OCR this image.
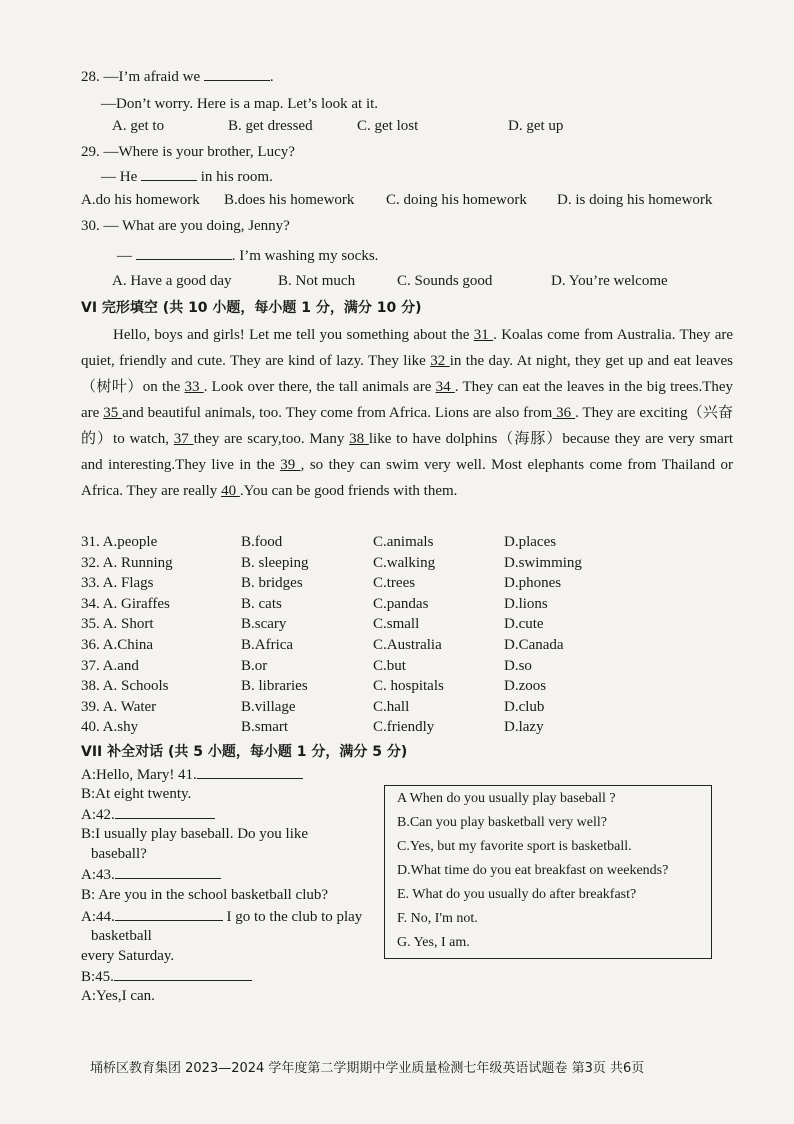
28. —I’m afraid we	.
—Don’t worry. Here is a map. Let’s look at it.
A. get to	B. get dressed	C. get lost	D. get up
29. —Where is your brother, Lucy?
— He	in his room.
A.do his homework B.does his homework C. doing his homework D. is doing his homework
30. — What are you doing, Jenny?
—	. I’m washing my socks.
A. Have a good day	B. Not much	C. Sounds good	D. You’re welcome
VI 完形填空 (共 10 小题，每小题 1 分，满分 10 分)
Hello, boys and girls! Let me tell you something about the 31 . Koalas come from Australia. They are quiet, friendly and cute. They are kind of lazy. They like 32 in the day. At night, they get up and eat leaves（树叶）on the 33 . Look over there, the tall animals are 34 . They can eat the leaves in the big trees.They are 35 and beautiful animals, too. They come from Africa. Lions are also from 36 . They are exciting（兴奋的）to watch, 37 they are scary,too. Many 38 like to have dolphins（海豚）because they are very smart and interesting.They live in the 39 , so they can swim very well. Most elephants come from Thailand or Africa. They are really 40 .You can be good friends with them.
31. A.people	B.food	C.animals	D.places
32. A. Running	B. sleeping	C.walking	D.swimming
33. A. Flags	B. bridges	C.trees	D.phones
34. A. Giraffes	B. cats	C.pandas	D.lions
35. A. Short	B.scary	C.small	D.cute
36. A.China	B.Africa	C.Australia	D.Canada
37. A.and	B.or	C.but	D.so
38. A. Schools	B. libraries	C. hospitals	D.zoos
39. A. Water	B.village	C.hall	D.club
40. A.shy	B.smart	C.friendly	D.lazy
VII 补全对话 (共 5 小题，每小题 1 分，满分 5 分)
A:Hello, Mary! 41.
B:At eight twenty.
A:42.
B:I usually play baseball. Do you like
baseball?
A:43.
B: Are you in the school basketball club?
A:44.	I go to the club to play
basketball
every Saturday.
B:45.
A:Yes,I can.
A When do you usually play baseball ?
B.Can you play basketball very well?
C.Yes, but my favorite sport is basketball.
D.What time do you eat breakfast on weekends?
E. What do you usually do after breakfast?
F. No, I'm not.
G. Yes, I am.
埇桥区教育集团 2023—2024 学年度第二学期期中学业质量检测七年级英语试题卷 第3页 共6页
